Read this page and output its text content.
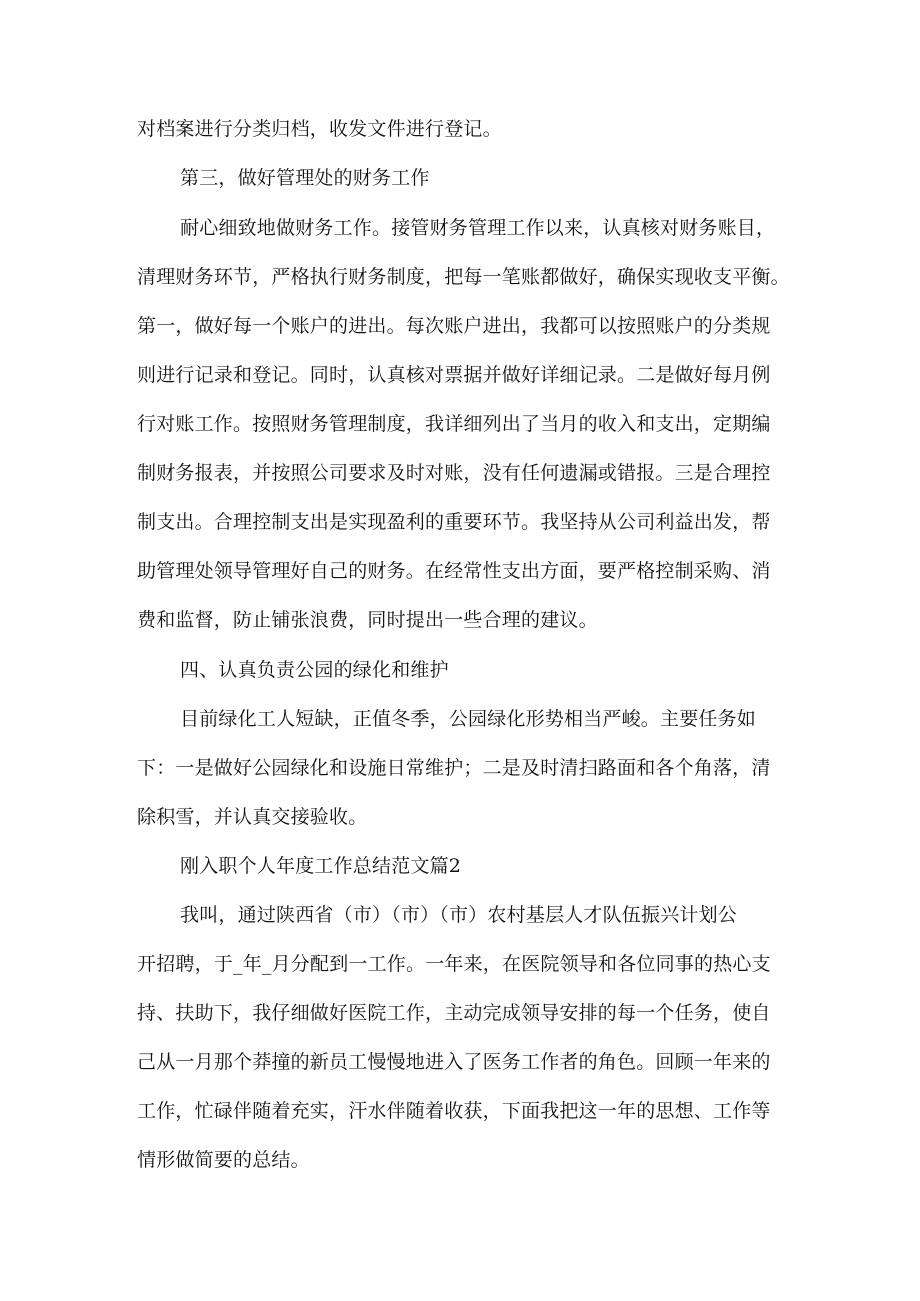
对档案进行分类归档，收发文件进行登记。
第三，做好管理处的财务工作
耐心细致地做财务工作。接管财务管理工作以来，认真核对财务账目，
清理财务环节，严格执行财务制度，把每一笔账都做好，确保实现收支平衡。
第一，做好每一个账户的进出。每次账户进出，我都可以按照账户的分类规
则进行记录和登记。同时，认真核对票据并做好详细记录。二是做好每月例
行对账工作。按照财务管理制度，我详细列出了当月的收入和支出，定期编
制财务报表，并按照公司要求及时对账，没有任何遗漏或错报。三是合理控
制支出。合理控制支出是实现盈利的重要环节。我坚持从公司利益出发，帮
助管理处领导管理好自己的财务。在经常性支出方面，要严格控制采购、消
费和监督，防止铺张浪费，同时提出一些合理的建议。
四、认真负责公园的绿化和维护
目前绿化工人短缺，正值冬季，公园绿化形势相当严峻。主要任务如
下：一是做好公园绿化和设施日常维护；二是及时清扫路面和各个角落，清
除积雪，并认真交接验收。
刚入职个人年度工作总结范文篇2
我叫，通过陕西省（市）（市）（市）农村基层人才队伍振兴计划公
开招聘，于_年_月分配到一工作。一年来，在医院领导和各位同事的热心支
持、扶助下，我仔细做好医院工作，主动完成领导安排的每一个任务，使自
己从一月那个莽撞的新员工慢慢地进入了医务工作者的角色。回顾一年来的
工作，忙碌伴随着充实，汗水伴随着收获，下面我把这一年的思想、工作等
情形做简要的总结。
